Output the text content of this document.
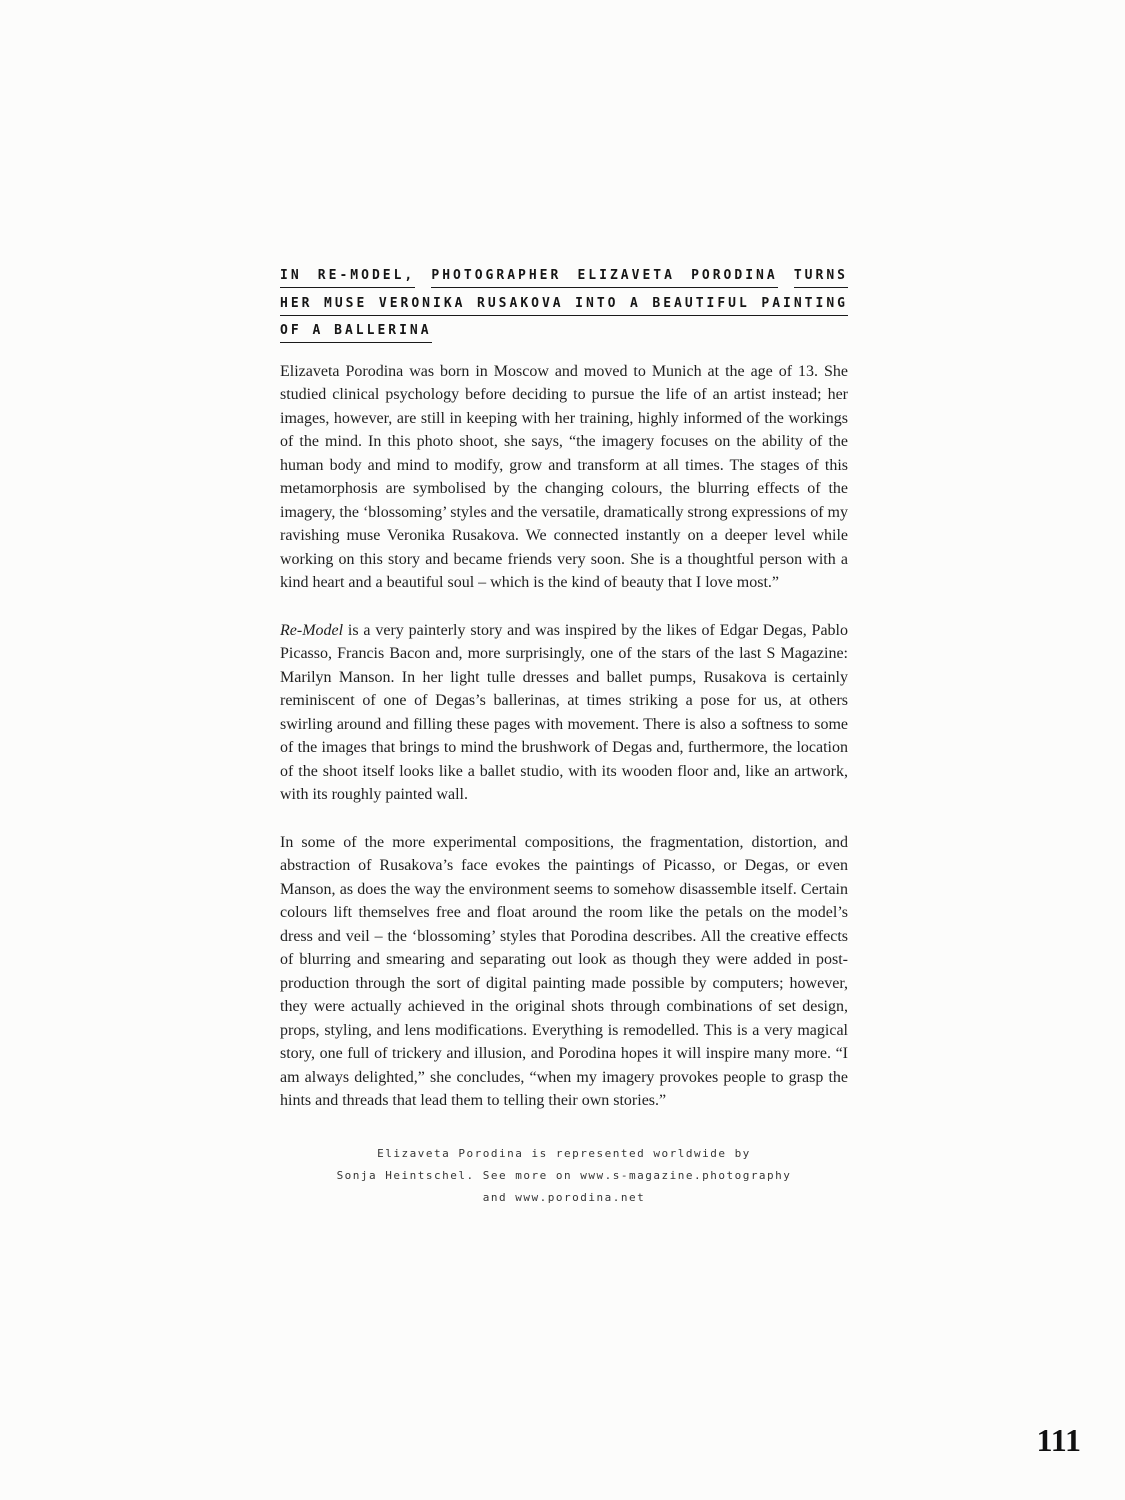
IN RE-MODEL, PHOTOGRAPHER ELIZAVETA PORODINA TURNS
HER MUSE VERONIKA RUSAKOVA INTO A BEAUTIFUL PAINTING
OF A BALLERINA

Elizaveta Porodina was born in Moscow and moved to Munich at the age of 13. She studied clinical psychology before deciding to pursue the life of an artist instead; her images, however, are still in keeping with her training, highly informed of the workings of the mind. In this photo shoot, she says, “the imagery focuses on the ability of the human body and mind to modify, grow and transform at all times. The stages of this metamorphosis are symbolised by the changing colours, the blurring effects of the imagery, the ‘blossoming’ styles and the versatile, dramatically strong expressions of my ravishing muse Veronika Rusakova. We connected instantly on a deeper level while working on this story and became friends very soon. She is a thoughtful person with a kind heart and a beautiful soul – which is the kind of beauty that I love most.”

Re-Model is a very painterly story and was inspired by the likes of Edgar Degas, Pablo Picasso, Francis Bacon and, more surprisingly, one of the stars of the last S Magazine: Marilyn Manson. In her light tulle dresses and ballet pumps, Rusakova is certainly reminiscent of one of Degas’s ballerinas, at times striking a pose for us, at others swirling around and filling these pages with movement. There is also a softness to some of the images that brings to mind the brushwork of Degas and, furthermore, the location of the shoot itself looks like a ballet studio, with its wooden floor and, like an artwork, with its roughly painted wall.

In some of the more experimental compositions, the fragmentation, distortion, and abstraction of Rusakova’s face evokes the paintings of Picasso, or Degas, or even Manson, as does the way the environment seems to somehow disassemble itself. Certain colours lift themselves free and float around the room like the petals on the model’s dress and veil – the ‘blossoming’ styles that Porodina describes. All the creative effects of blurring and smearing and separating out look as though they were added in post-production through the sort of digital painting made possible by computers; however, they were actually achieved in the original shots through combinations of set design, props, styling, and lens modifications. Everything is remodelled. This is a very magical story, one full of trickery and illusion, and Porodina hopes it will inspire many more. “I am always delighted,” she concludes, “when my imagery provokes people to grasp the hints and threads that lead them to telling their own stories.”

Elizaveta Porodina is represented worldwide by
Sonja Heintschel. See more on www.s-magazine.photography
and www.porodina.net
111
